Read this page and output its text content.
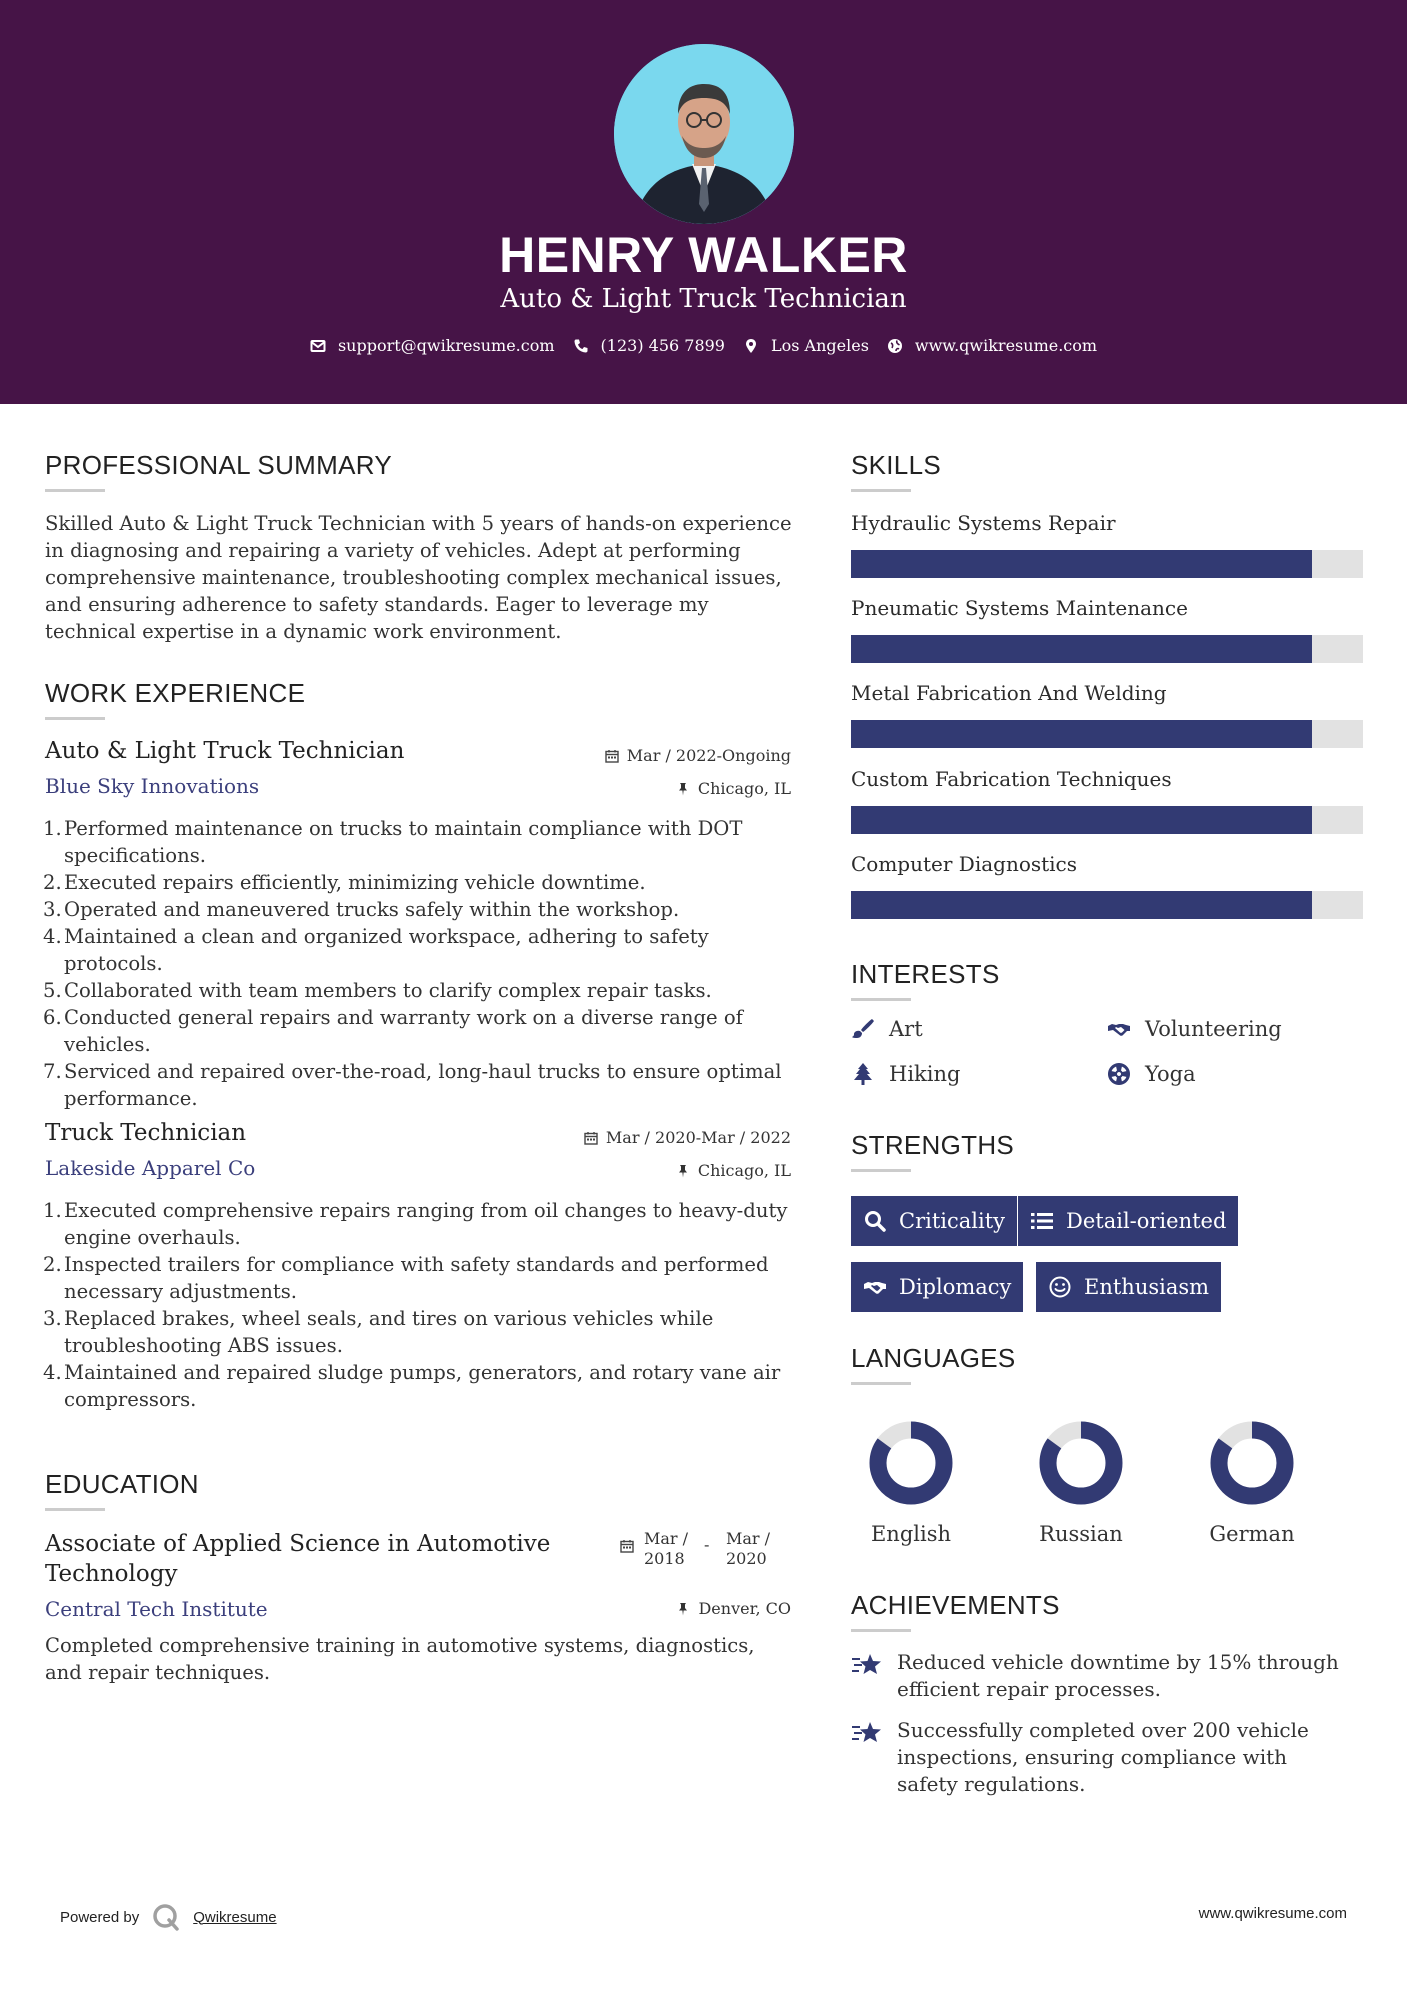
HENRY WALKER
Auto & Light Truck Technician
support@qwikresume.com	(123) 456 7899	Los Angeles	www.qwikresume.com
PROFESSIONAL SUMMARY
Skilled Auto & Light Truck Technician with 5 years of hands-on experience in diagnosing and repairing a variety of vehicles. Adept at performing comprehensive maintenance, troubleshooting complex mechanical issues, and ensuring adherence to safety standards. Eager to leverage my technical expertise in a dynamic work environment.
WORK EXPERIENCE
Auto & Light Truck Technician	Mar / 2022-Ongoing
Blue Sky Innovations	Chicago, IL
1. Performed maintenance on trucks to maintain compliance with DOT specifications.
2. Executed repairs efficiently, minimizing vehicle downtime.
3. Operated and maneuvered trucks safely within the workshop.
4. Maintained a clean and organized workspace, adhering to safety protocols.
5. Collaborated with team members to clarify complex repair tasks.
6. Conducted general repairs and warranty work on a diverse range of vehicles.
7. Serviced and repaired over-the-road, long-haul trucks to ensure optimal performance.
Truck Technician	Mar / 2020-Mar / 2022
Lakeside Apparel Co	Chicago, IL
1. Executed comprehensive repairs ranging from oil changes to heavy-duty engine overhauls.
2. Inspected trailers for compliance with safety standards and performed necessary adjustments.
3. Replaced brakes, wheel seals, and tires on various vehicles while troubleshooting ABS issues.
4. Maintained and repaired sludge pumps, generators, and rotary vane air compressors.
EDUCATION
Associate of Applied Science in Automotive Technology
Mar / 2018
-	Mar / 2020
Central Tech Institute	Denver, CO
Completed comprehensive training in automotive systems, diagnostics, and repair techniques.
SKILLS
Hydraulic Systems Repair
Pneumatic Systems Maintenance
Metal Fabrication And Welding
Custom Fabrication Techniques
Computer Diagnostics
INTERESTS
Art	Volunteering
Hiking	Yoga
STRENGTHS
Criticality	Detail-oriented
Diplomacy	Enthusiasm
LANGUAGES
English	Russian	German
ACHIEVEMENTS
Reduced vehicle downtime by 15% through efficient repair processes.
Successfully completed over 200 vehicle inspections, ensuring compliance with safety regulations.
Powered by	Qwikresume	www.qwikresume.com
